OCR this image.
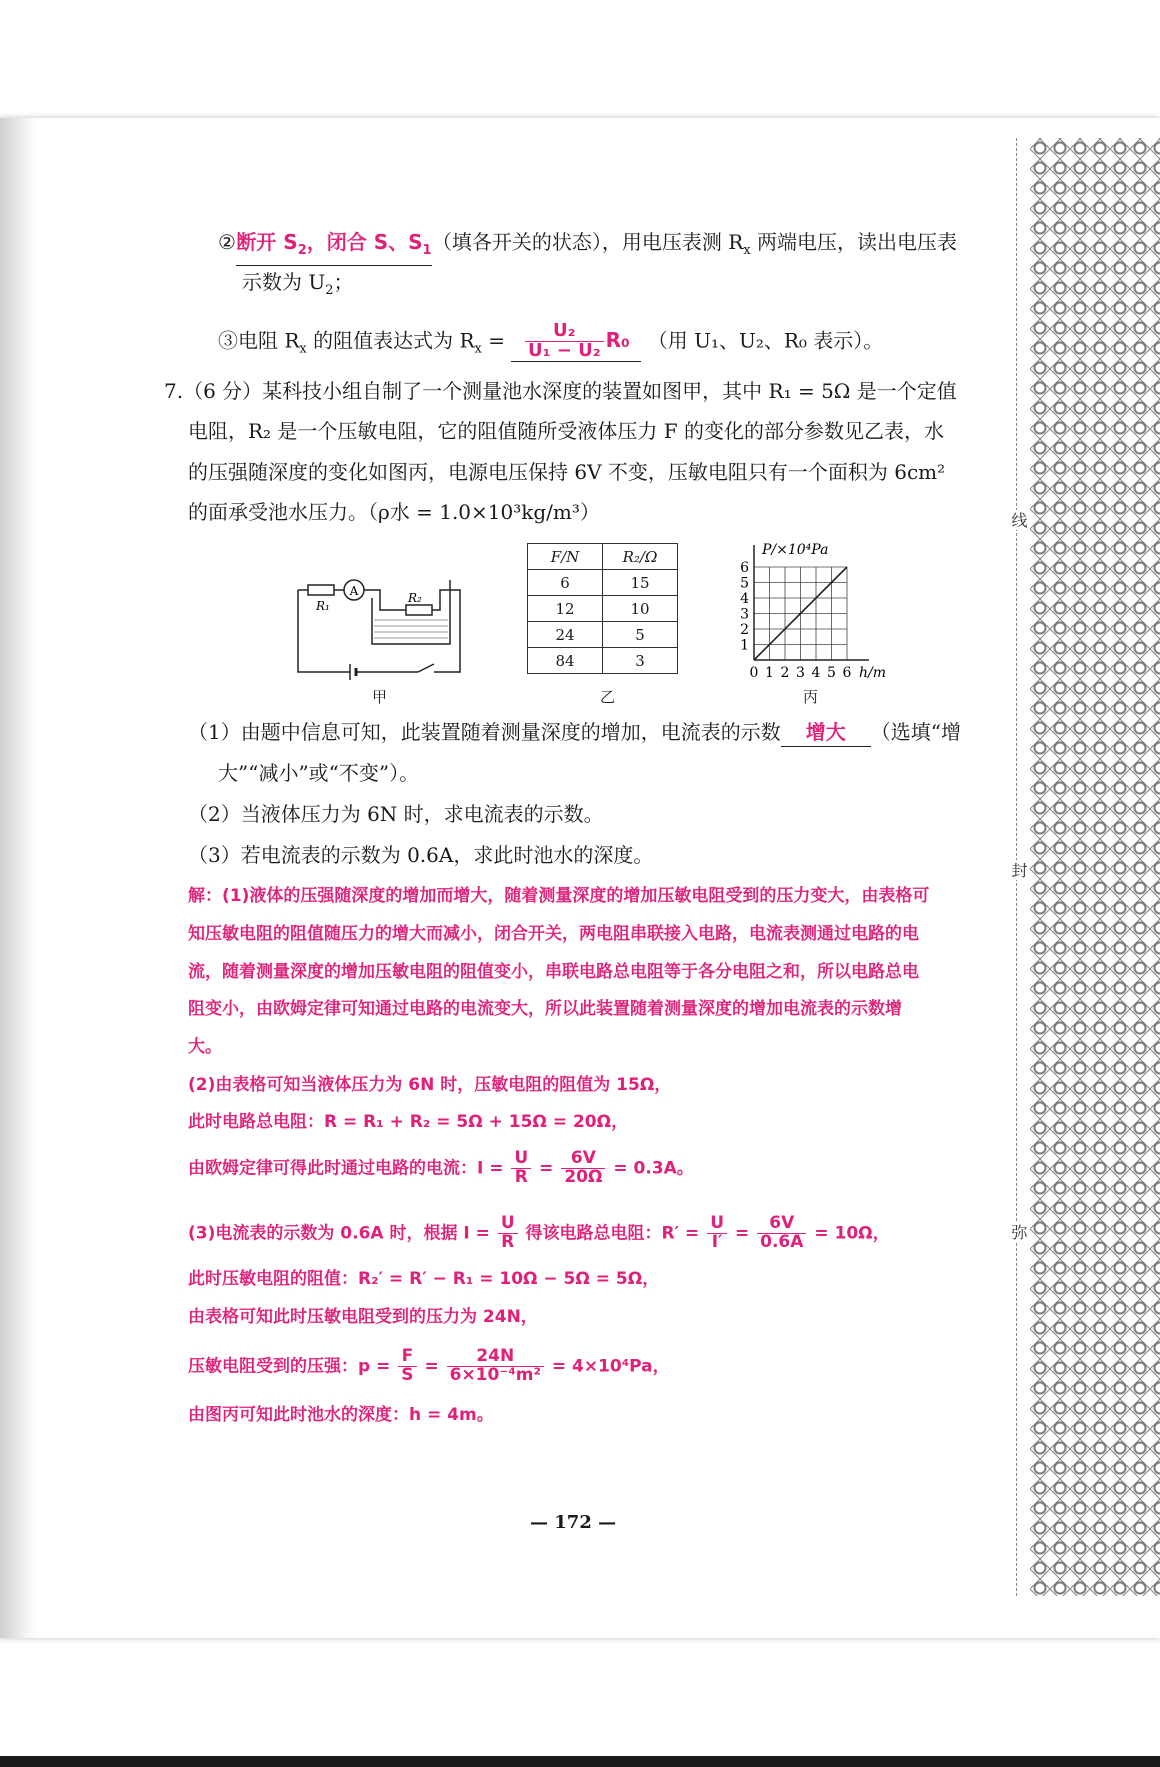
线
封
弥
②断开 $S_2$，闭合 S、$S_1$（填各开关的状态），用电压表测 $R_x$ 两端电压，读出电压表
示数为 $U_2$；
③电阻 $R_x$ 的阻值表达式为 $R_x = \frac{\text{U₂}}{\text{U₁ − U₂}} R_0$ （用 U₁、U₂、R₀ 表示）。
7.（6 分）某科技小组自制了一个测量池水深度的装置如图甲，其中 R₁ = 5Ω 是一个定值
电阻，R₂ 是一个压敏电阻，它的阻值随所受液体压力 F 的变化的部分参数见乙表，水
的压强随深度的变化如图丙，电源电压保持 6V 不变，压敏电阻只有一个面积为 6cm²
的面承受池水压力。（ρ水 = 1.0×10³kg/m³）
A
R₁
R₂
甲
F/N	R₂/Ω
6	15
12	10
24	5
84	3
乙
0 1 2 3 4 5 6
1
2
3
4
5
6
P/×10⁴Pa
h/m
丙
（1）由题中信息可知，此装置随着测量深度的增加，电流表的示数 增大 （选填“增
大”“减小”或“不变”）。
（2）当液体压力为 6N 时，求电流表的示数。
（3）若电流表的示数为 0.6A，求此时池水的深度。
解：(1)液体的压强随深度的增加而增大，随着测量深度的增加压敏电阻受到的压力变大，由表格可
知压敏电阻的阻值随压力的增大而减小，闭合开关，两电阻串联接入电路，电流表测通过电路的电
流，随着测量深度的增加压敏电阻的阻值变小，串联电路总电阻等于各分电阻之和，所以电路总电
阻变小，由欧姆定律可知通过电路的电流变大，所以此装置随着测量深度的增加电流表的示数增
大。
(2)由表格可知当液体压力为 6N 时，压敏电阻的阻值为 15Ω，
此时电路总电阻：R = R₁ + R₂ = 5Ω + 15Ω = 20Ω，
由欧姆定律可得此时通过电路的电流：$I = \frac{U}{R} = \frac{6V}{20\Omega} = 0.3A$。
(3)电流表的示数为 0.6A 时，根据 $I = \frac{U}{R}$ 得该电路总电阻：$R' = \frac{U}{I'} = \frac{6V}{0.6A} = 10\Omega$，
此时压敏电阻的阻值：R₂′ = R′ − R₁ = 10Ω − 5Ω = 5Ω，
由表格可知此时压敏电阻受到的压力为 24N，
压敏电阻受到的压强：$p = \frac{F}{S} = \frac{24N}{\text{6×10⁻⁴m²}} = 4\times 10^4Pa$，
由图丙可知此时池水的深度：h = 4m。
— 172 —
